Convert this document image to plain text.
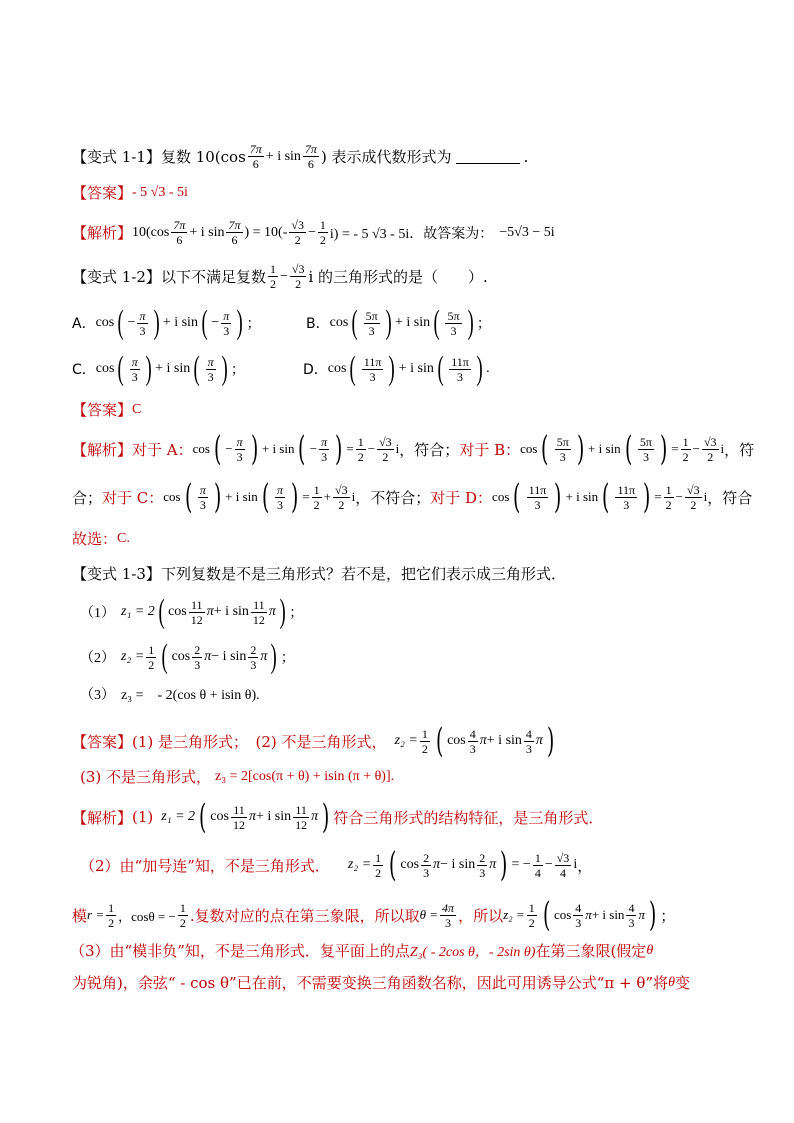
【变式 1-1】 复数 $10(\cos \frac{7\pi}{6} + i$ $\sin \frac{7\pi}{6}$ ) 表示成代数形式为	.
【答案】 - 5 √3 - 5i
【解析】 $10(\cos \frac{7\pi}{6} + i$ $\sin \frac{7\pi}{6}$ ) = $10(- \frac{√3}{2} - \frac{1}{2} i)$ = - 5 √3 - 5i．故答案为： −5√3 − 5i
【变式 1-2】 以下不满足复数 $\frac{1}{2} - \frac{√3}{2}$ i 的三角形式的是（　　）.
A． cos ( − $\frac{\pi}{3}$ ) + i sin ( − $\frac{\pi}{3}$ ) ；	B． cos ( $\frac{5\pi}{3}$ ) + i sin ( $\frac{5\pi}{3}$ ) ；
C． cos ( $\frac{\pi}{3}$ ) + i sin ( $\frac{\pi}{3}$ ) ；	D． cos ( $\frac{11\pi}{3}$ ) + i sin ( $\frac{11\pi}{3}$ ) .
【答案】 C
【解析】 对于 A： cos ( − $\frac{\pi}{3}$ ) + i sin ( − $\frac{\pi}{3}$ ) = $\frac{1}{2} - \frac{√3}{2}$ i ，符合； 对于 B： cos ( $\frac{5\pi}{3}$ ) + i sin ( $\frac{5\pi}{3}$ ) = $\frac{1}{2} - \frac{√3}{2}$ i ，符
合； 对于 C： cos ( $\frac{\pi}{3}$ ) + i sin ( $\frac{\pi}{3}$ ) = $\frac{1}{2} + \frac{√3}{2}$ i ，不符合； 对于 D： cos ( $\frac{11\pi}{3}$ ) + i sin ( $\frac{11\pi}{3}$ ) = $\frac{1}{2} - \frac{√3}{2}$ i ，符合
故选： C.
【变式 1-3】 下列复数是不是三角形式？若不是，把它们表示成三角形式．
（1） z₁ = 2 ( $\cos \frac{11}{12}$ π + i $\sin \frac{11}{12}$ π ) ；
（2） $z_2 = \frac{1}{2}$ ( $\cos \frac{2}{3}$ π − i $\sin \frac{2}{3}$ π ) ；
（3） z₃ =　- 2(cos θ + isin θ).
【答案】 (1) 是三角形式；　(2) 不是三角形式， $z_2 = \frac{1}{2}$ ( $\cos \frac{4}{3}$ π + i $\sin \frac{4}{3}$ π )
(3) 不是三角形式， z₃ = 2[cos(π + θ) + isin (π + θ)].
【解析】 (1) z₁ = 2 ( $\cos \frac{11}{12}$ π + i $\sin \frac{11}{12}$ π ) 符合三角形式的结构特征，是三角形式．
（2）由“加号连”知，不是三角形式． $z_2 = \frac{1}{2}$ ( $\cos \frac{2}{3}$ π − i $\sin \frac{2}{3}$ π ) = − $\frac{1}{4} - \frac{√3}{4}$ i ，
模 $r = \frac{1}{2}$ ，cosθ = − $\frac{1}{2}$ .复数对应的点在第三象限，所以取 $\theta = \frac{4\pi}{3}$ ，所以 $z_2 = \frac{1}{2}$ ( $\cos \frac{4}{3}$ π + i $\sin \frac{4}{3}$ π ) ；
（3）由“模非负”知，不是三角形式．复平面上的点 Z₃( - 2cos θ，- 2sin θ) 在第三象限(假定 θ
为锐角)，余弦“ - cos θ”已在前，不需要变换三角函数名称，因此可用诱导公式“π + θ”将 θ 变
